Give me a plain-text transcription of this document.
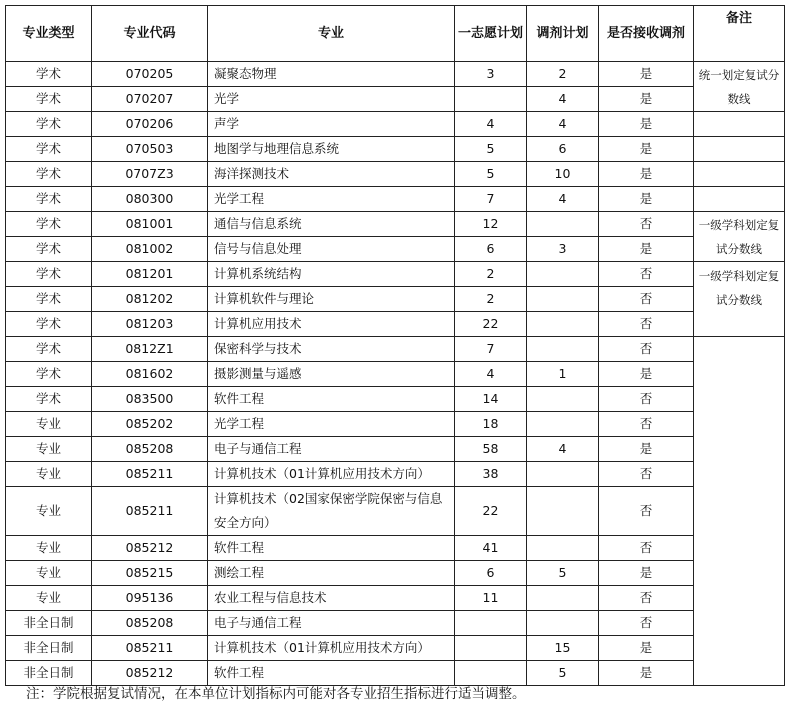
专业类型	专业代码	专业	一志愿计划	调剂计划	是否接收调剂	备注
学术	070205	凝聚态物理	3	2	是	统一划定复试分数线
学术	070207	光学		4	是	
学术	070206	声学	4	4	是	
学术	070503	地图学与地理信息系统	5	6	是	
学术	0707Z3	海洋探测技术	5	10	是	
学术	080300	光学工程	7	4	是	
学术	081001	通信与信息系统	12		否	一级学科划定复试分数线
学术	081002	信号与信息处理	6	3	是	
学术	081201	计算机系统结构	2		否	一级学科划定复试分数线
学术	081202	计算机软件与理论	2		否	
学术	081203	计算机应用技术	22		否	
学术	0812Z1	保密科学与技术	7		否	
学术	081602	摄影测量与遥感	4	1	是	
学术	083500	软件工程	14		否	
专业	085202	光学工程	18		否	
专业	085208	电子与通信工程	58	4	是	
专业	085211	计算机技术（01计算机应用技术方向）	38		否	
专业	085211	计算机技术（02国家保密学院保密与信息安全方向）	22		否	
专业	085212	软件工程	41		否	
专业	085215	测绘工程	6	5	是	
专业	095136	农业工程与信息技术	11		否	
非全日制	085208	电子与通信工程			否	
非全日制	085211	计算机技术（01计算机应用技术方向）		15	是	
非全日制	085212	软件工程		5	是	
注：学院根据复试情况，在本单位计划指标内可能对各专业招生指标进行适当调整。
